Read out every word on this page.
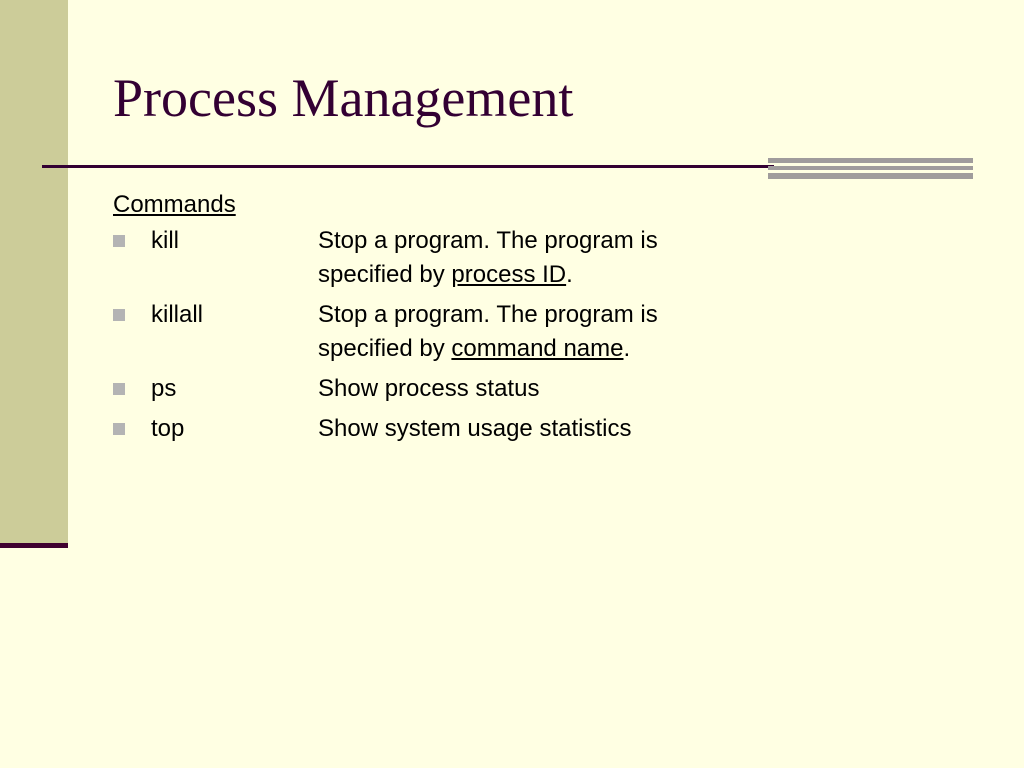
Process Management
Commands
kill	Stop a program. The program is specified by process ID.
killall	Stop a program. The program is specified by command name.
ps	Show process status
top	Show system usage statistics
